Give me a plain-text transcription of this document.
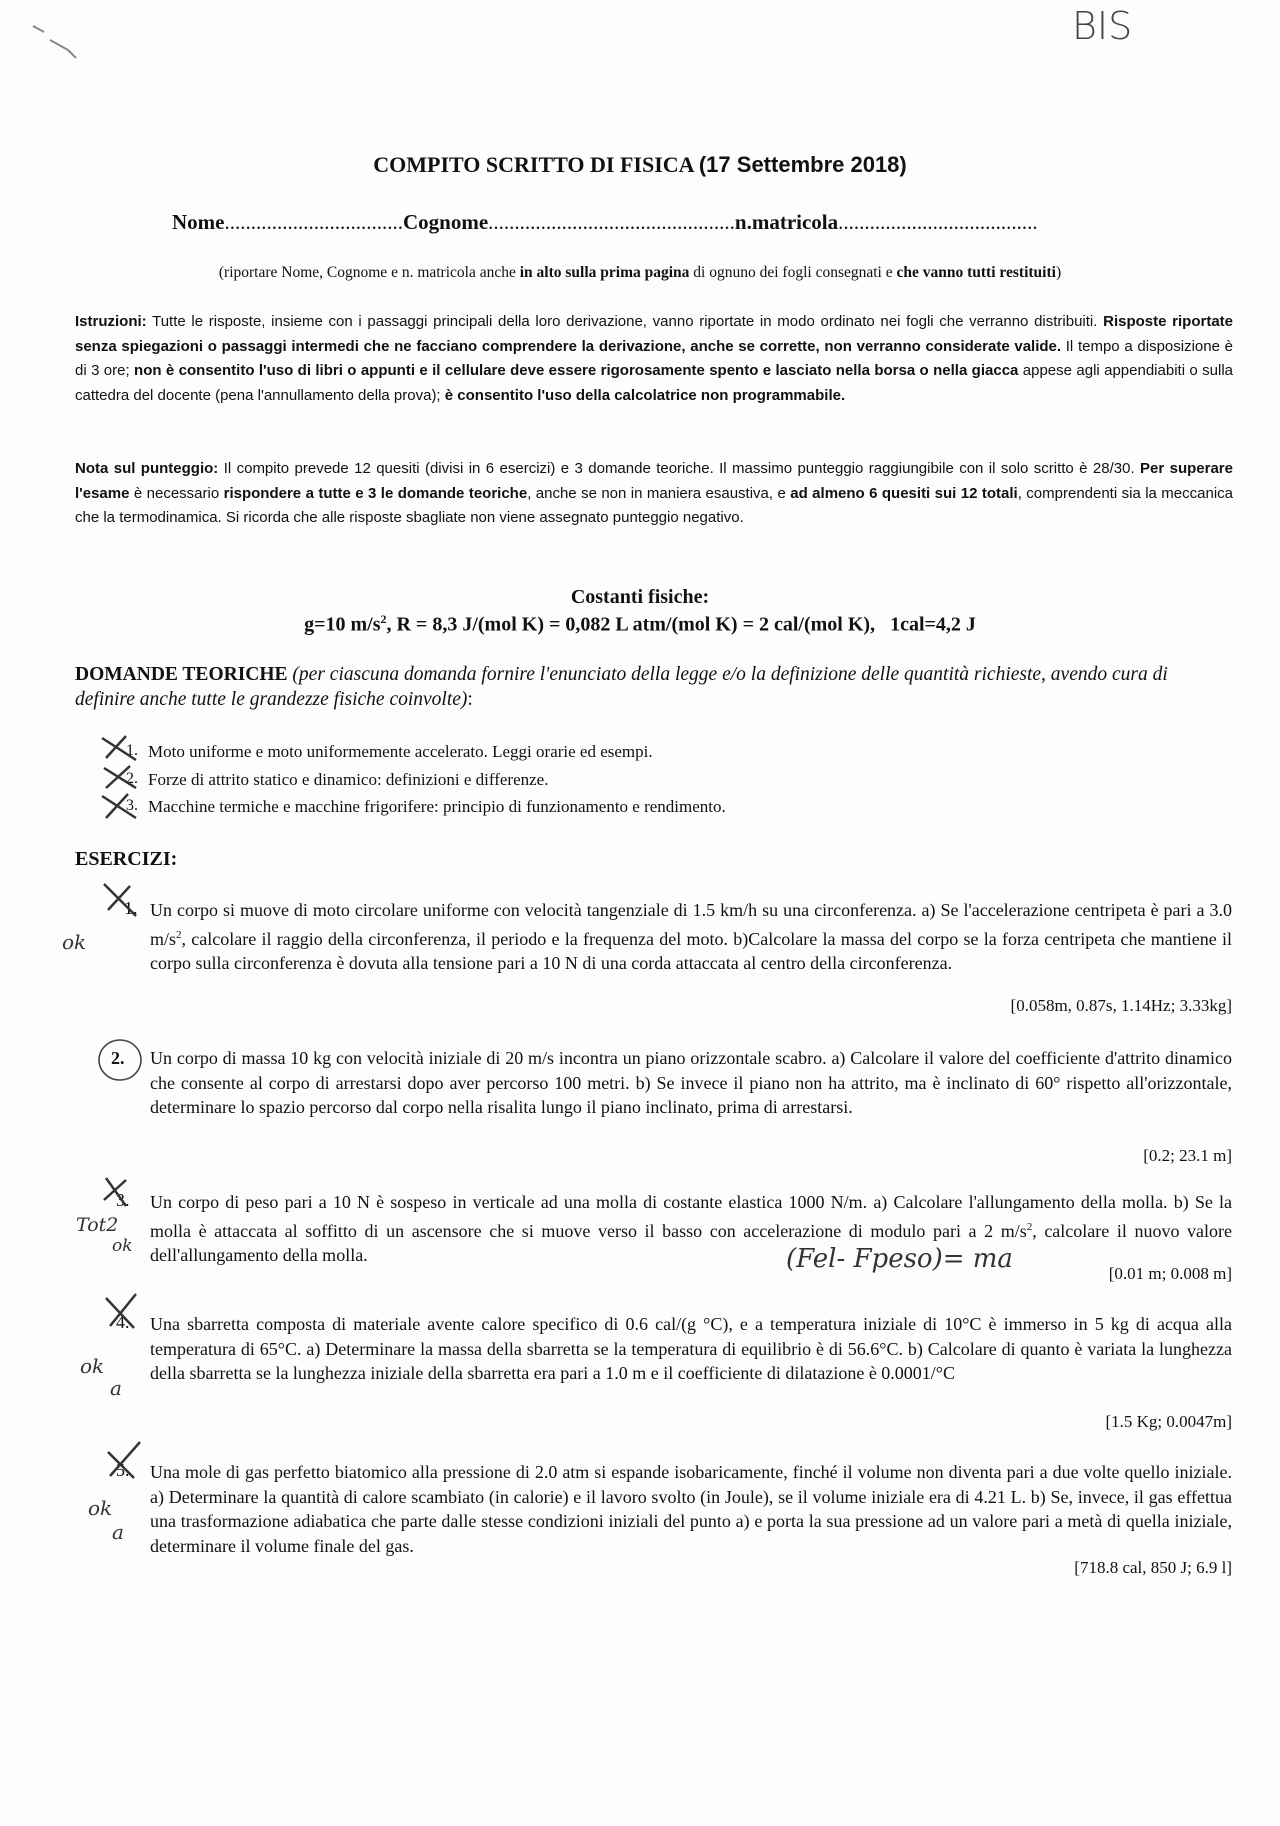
BIS
COMPITO SCRITTO DI FISICA (17 Settembre 2018)
Nome..................................Cognome...............................................n.matricola......................................
(riportare Nome, Cognome e n. matricola anche in alto sulla prima pagina di ognuno dei fogli consegnati e che vanno tutti restituiti)
Istruzioni: Tutte le risposte, insieme con i passaggi principali della loro derivazione, vanno riportate in modo ordinato nei fogli che verranno distribuiti. Risposte riportate senza spiegazioni o passaggi intermedi che ne facciano comprendere la derivazione, anche se corrette, non verranno considerate valide. Il tempo a disposizione è di 3 ore; non è consentito l'uso di libri o appunti e il cellulare deve essere rigorosamente spento e lasciato nella borsa o nella giacca appese agli appendiabiti o sulla cattedra del docente (pena l'annullamento della prova); è consentito l'uso della calcolatrice non programmabile.
Nota sul punteggio: Il compito prevede 12 quesiti (divisi in 6 esercizi) e 3 domande teoriche. Il massimo punteggio raggiungibile con il solo scritto è 28/30. Per superare l'esame è necessario rispondere a tutte e 3 le domande teoriche, anche se non in maniera esaustiva, e ad almeno 6 quesiti sui 12 totali, comprendenti sia la meccanica che la termodinamica. Si ricorda che alle risposte sbagliate non viene assegnato punteggio negativo.
Costanti fisiche:
g=10 $m/s^2$, R = 8,3 J/(mol K) = 0,082 L atm/(mol K) = 2 cal/(mol K), 1cal=4,2 J
DOMANDE TEORICHE (per ciascuna domanda fornire l'enunciato della legge e/o la definizione delle quantità richieste, avendo cura di definire anche tutte le grandezze fisiche coinvolte):
Moto uniforme e moto uniformemente accelerato. Leggi orarie ed esempi.
Forze di attrito statico e dinamico: definizioni e differenze.
Macchine termiche e macchine frigorifere: principio di funzionamento e rendimento.
1.
2.
3.
ESERCIZI:
1. Un corpo si muove di moto circolare uniforme con velocità tangenziale di 1.5 km/h su una circonferenza. a) Se l'accelerazione centripeta è pari a 3.0 $m/s^2$, calcolare il raggio della circonferenza, il periodo e la frequenza del moto. b)Calcolare la massa del corpo se la forza centripeta che mantiene il corpo sulla circonferenza è dovuta alla tensione pari a 10 N di una corda attaccata al centro della circonferenza.
[0.058m, 0.87s, 1.14Hz; 3.33kg]
2. Un corpo di massa 10 kg con velocità iniziale di 20 m/s incontra un piano orizzontale scabro. a) Calcolare il valore del coefficiente d'attrito dinamico che consente al corpo di arrestarsi dopo aver percorso 100 metri. b) Se invece il piano non ha attrito, ma è inclinato di 60° rispetto all'orizzontale, determinare lo spazio percorso dal corpo nella risalita lungo il piano inclinato, prima di arrestarsi.
[0.2; 23.1 m]
3. Un corpo di peso pari a 10 N è sospeso in verticale ad una molla di costante elastica 1000 N/m. a) Calcolare l'allungamento della molla. b) Se la molla è attaccata al soffitto di un ascensore che si muove verso il basso con accelerazione di modulo pari a 2 $m/s^2$, calcolare il nuovo valore dell'allungamento della molla.
[0.01 m; 0.008 m]
4. Una sbarretta composta di materiale avente calore specifico di 0.6 cal/(g °C), e a temperatura iniziale di 10°C è immerso in 5 kg di acqua alla temperatura di 65°C. a) Determinare la massa della sbarretta se la temperatura di equilibrio è di 56.6°C. b) Calcolare di quanto è variata la lunghezza della sbarretta se la lunghezza iniziale della sbarretta era pari a 1.0 m e il coefficiente di dilatazione è 0.0001/°C
[1.5 Kg; 0.0047m]
5. Una mole di gas perfetto biatomico alla pressione di 2.0 atm si espande isobaricamente, finché il volume non diventa pari a due volte quello iniziale. a) Determinare la quantità di calore scambiato (in calorie) e il lavoro svolto (in Joule), se il volume iniziale era di 4.21 L. b) Se, invece, il gas effettua una trasformazione adiabatica che parte dalle stesse condizioni iniziali del punto a) e porta la sua pressione ad un valore pari a metà di quella iniziale, determinare il volume finale del gas.
[718.8 cal, 850 J; 6.9 l]
ok
Tot2
ok
ok
a
ok
a
(Fel- Fpeso)= ma
